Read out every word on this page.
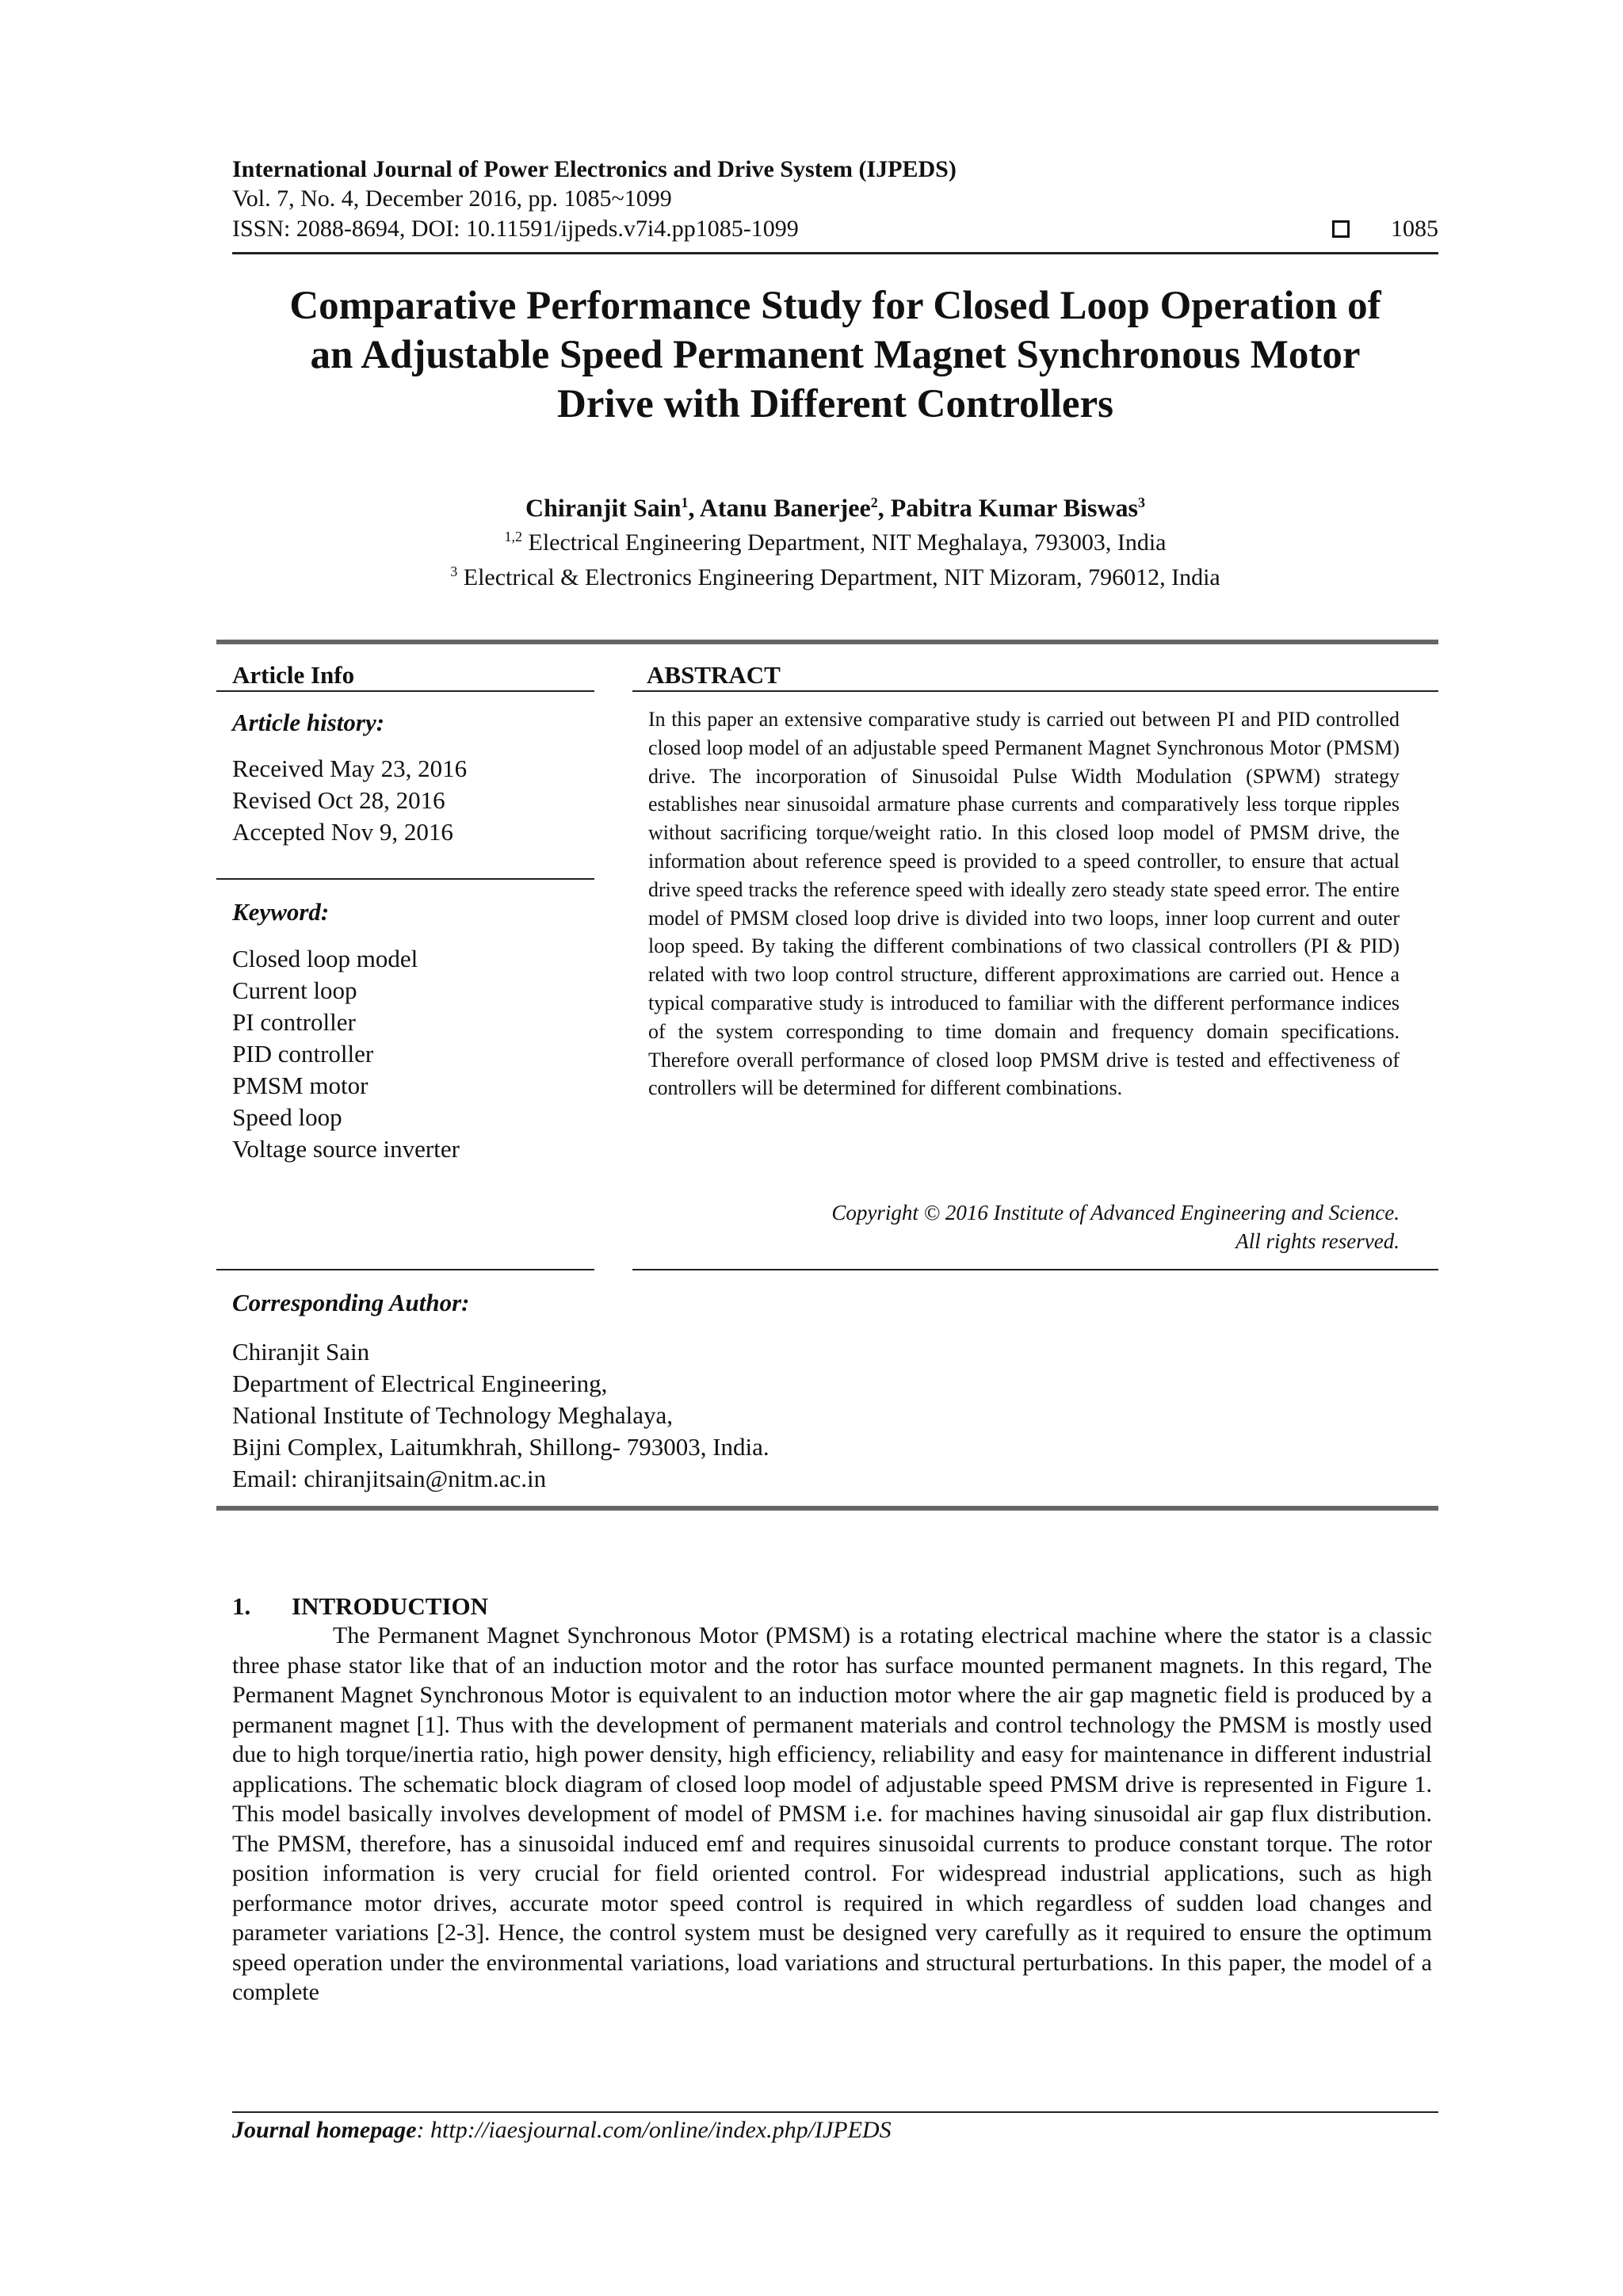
International Journal of Power Electronics and Drive System (IJPEDS)
Vol. 7, No. 4, December 2016, pp. 1085~1099
ISSN: 2088-8694, DOI: 10.11591/ijpeds.v7i4.pp1085-1099	1085
Comparative Performance Study for Closed Loop Operation of
an Adjustable Speed Permanent Magnet Synchronous Motor
Drive with Different Controllers
Chiranjit Sain$^1$, Atanu Banerjee$^2$, Pabitra Kumar Biswas$^3$
$^{1,2}$ Electrical Engineering Department, NIT Meghalaya, 793003, India
$^3$ Electrical & Electronics Engineering Department, NIT Mizoram, 796012, India
Article Info
Article history:
Received May 23, 2016
Revised Oct 28, 2016
Accepted Nov 9, 2016
Keyword:
Closed loop model
Current loop
PI controller
PID controller
PMSM motor
Speed loop
Voltage source inverter
ABSTRACT
In this paper an extensive comparative study is carried out between PI and PID controlled closed loop model of an adjustable speed Permanent Magnet Synchronous Motor (PMSM) drive. The incorporation of Sinusoidal Pulse Width Modulation (SPWM) strategy establishes near sinusoidal armature phase currents and comparatively less torque ripples without sacrificing torque/weight ratio. In this closed loop model of PMSM drive, the information about reference speed is provided to a speed controller, to ensure that actual drive speed tracks the reference speed with ideally zero steady state speed error. The entire model of PMSM closed loop drive is divided into two loops, inner loop current and outer loop speed. By taking the different combinations of two classical controllers (PI & PID) related with two loop control structure, different approximations are carried out. Hence a typical comparative study is introduced to familiar with the different performance indices of the system corresponding to time domain and frequency domain specifications. Therefore overall performance of closed loop PMSM drive is tested and effectiveness of controllers will be determined for different combinations.
Copyright © 2016 Institute of Advanced Engineering and Science.
All rights reserved.
Corresponding Author:
Chiranjit Sain
Department of Electrical Engineering,
National Institute of Technology Meghalaya,
Bijni Complex, Laitumkhrah, Shillong- 793003, India.
Email: chiranjitsain@nitm.ac.in
1. INTRODUCTION
The Permanent Magnet Synchronous Motor (PMSM) is a rotating electrical machine where the stator is a classic three phase stator like that of an induction motor and the rotor has surface mounted permanent magnets. In this regard, The Permanent Magnet Synchronous Motor is equivalent to an induction motor where the air gap magnetic field is produced by a permanent magnet [1]. Thus with the development of permanent materials and control technology the PMSM is mostly used due to high torque/inertia ratio, high power density, high efficiency, reliability and easy for maintenance in different industrial applications. The schematic block diagram of closed loop model of adjustable speed PMSM drive is represented in Figure 1. This model basically involves development of model of PMSM i.e. for machines having sinusoidal air gap flux distribution. The PMSM, therefore, has a sinusoidal induced emf and requires sinusoidal currents to produce constant torque. The rotor position information is very crucial for field oriented control. For widespread industrial applications, such as high performance motor drives, accurate motor speed control is required in which regardless of sudden load changes and parameter variations [2-3]. Hence, the control system must be designed very carefully as it required to ensure the optimum speed operation under the environmental variations, load variations and structural perturbations. In this paper, the model of a complete
Journal homepage: http://iaesjournal.com/online/index.php/IJPEDS
